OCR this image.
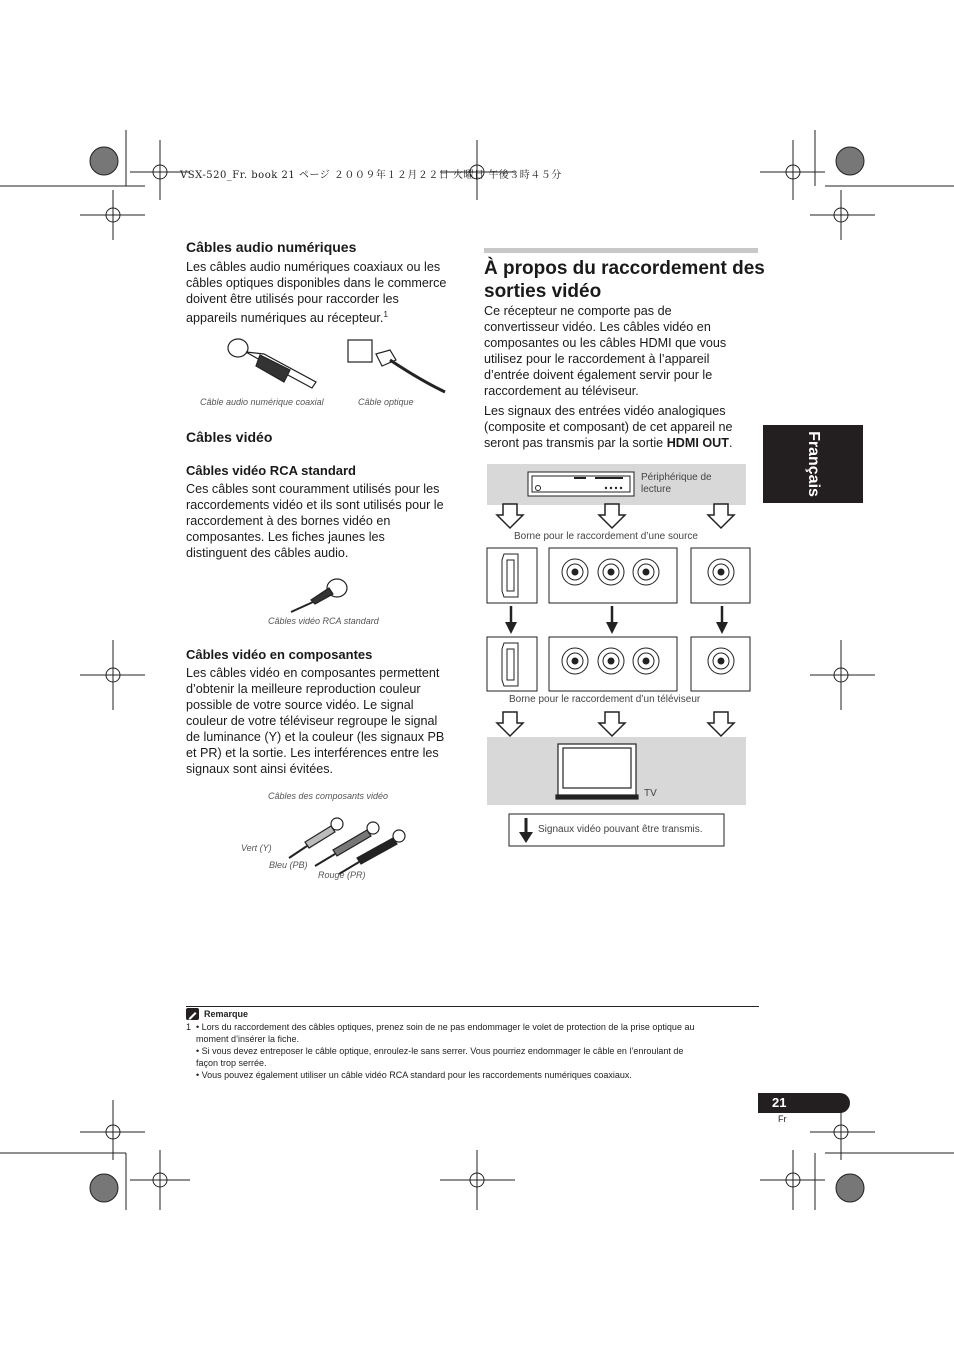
VSX-520_Fr. book 21 ページ ２００９年１２月２２日 火曜日 午後３時４５分
Câbles audio numériques
Les câbles audio numériques coaxiaux ou les
câbles optiques disponibles dans le commerce
doivent être utilisés pour raccorder les
appareils numériques au récepteur.$^1$
Câble audio numérique coaxial	Câble optique
Câbles vidéo
Câbles vidéo RCA standard
Ces câbles sont couramment utilisés pour les
raccordements vidéo et ils sont utilisés pour le
raccordement à des bornes vidéo en
composantes. Les fiches jaunes les
distinguent des câbles audio.
Câbles vidéo RCA standard
Câbles vidéo en composantes
Les câbles vidéo en composantes permettent
d’obtenir la meilleure reproduction couleur
possible de votre source vidéo. Le signal
couleur de votre téléviseur regroupe le signal
de luminance (Y) et la couleur (les signaux PB
et PR) et la sortie. Les interférences entre les
signaux sont ainsi évitées.
Câbles des composants vidéo
Vert (Y)
Bleu (PB)
Rouge (PR)
À propos du raccordement des
sorties vidéo
Ce récepteur ne comporte pas de
convertisseur vidéo. Les câbles vidéo en
composantes ou les câbles HDMI que vous
utilisez pour le raccordement à l’appareil
d’entrée doivent également servir pour le
raccordement au téléviseur.
Les signaux des entrées vidéo analogiques
(composite et composant) de cet appareil ne
seront pas transmis par la sortie HDMI OUT.
Périphérique de
lecture
Borne pour le raccordement d’une source
Borne pour le raccordement d’un téléviseur
TV
Signaux vidéo pouvant être transmis.
Français
Remarque
1 • Lors du raccordement des câbles optiques, prenez soin de ne pas endommager le volet de protection de la prise optique au
moment d’insérer la fiche.
• Si vous devez entreposer le câble optique, enroulez-le sans serrer. Vous pourriez endommager le câble en l’enroulant de
façon trop serrée.
• Vous pouvez également utiliser un câble vidéo RCA standard pour les raccordements numériques coaxiaux.
21
Fr
